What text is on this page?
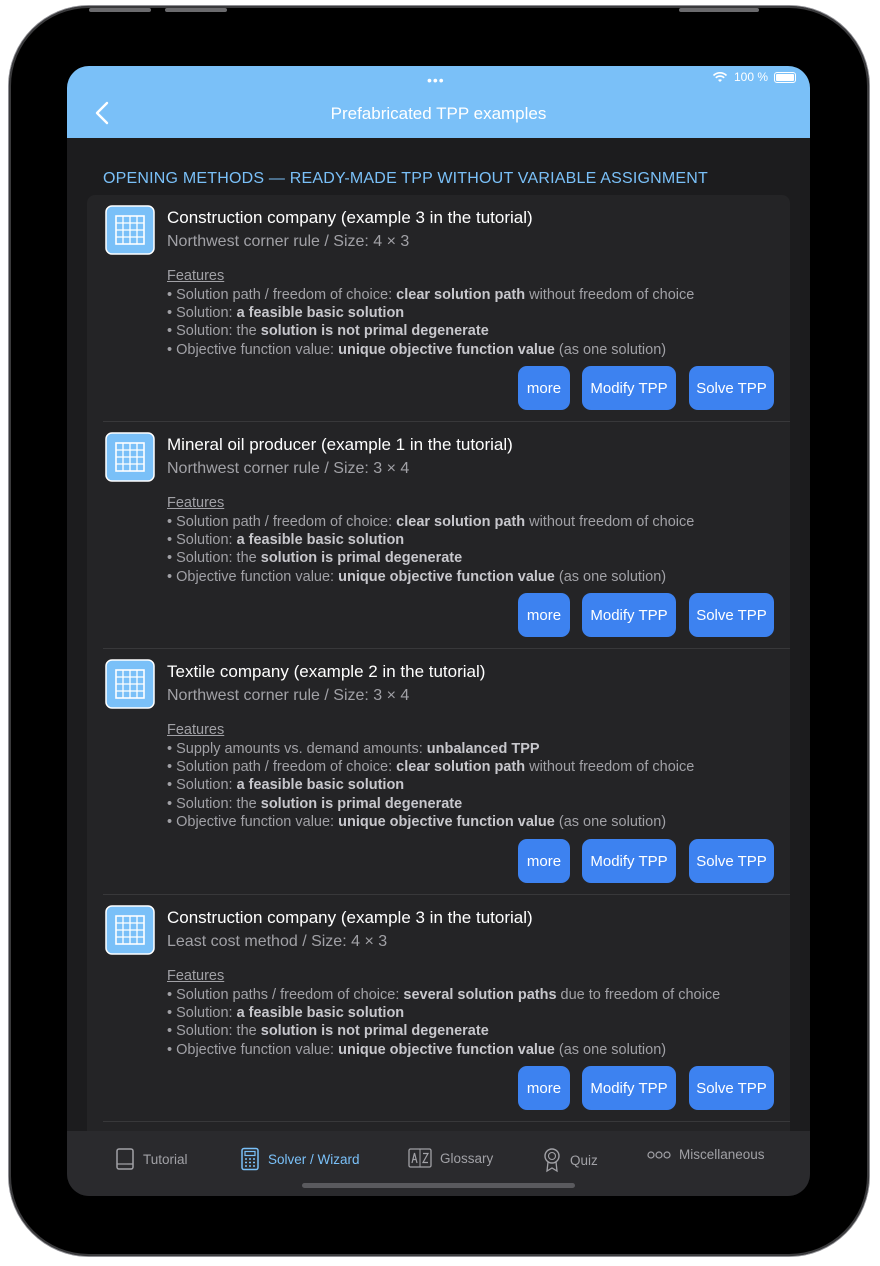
•••	100 %
Prefabricated TPP examples
OPENING METHODS — READY-MADE TPP WITHOUT VARIABLE ASSIGNMENT
Construction company (example 3 in the tutorial)
Northwest corner rule / Size: 4 × 3
Features
• Solution path / freedom of choice: clear solution path without freedom of choice
• Solution: a feasible basic solution
• Solution: the solution is not primal degenerate
• Objective function value: unique objective function value (as one solution)
more	Modify TPP	Solve TPP
Mineral oil producer (example 1 in the tutorial)
Northwest corner rule / Size: 3 × 4
Features
• Solution path / freedom of choice: clear solution path without freedom of choice
• Solution: a feasible basic solution
• Solution: the solution is primal degenerate
• Objective function value: unique objective function value (as one solution)
more	Modify TPP	Solve TPP
Textile company (example 2 in the tutorial)
Northwest corner rule / Size: 3 × 4
Features
• Supply amounts vs. demand amounts: unbalanced TPP
• Solution path / freedom of choice: clear solution path without freedom of choice
• Solution: a feasible basic solution
• Solution: the solution is primal degenerate
• Objective function value: unique objective function value (as one solution)
more	Modify TPP	Solve TPP
Construction company (example 3 in the tutorial)
Least cost method / Size: 4 × 3
Features
• Solution paths / freedom of choice: several solution paths due to freedom of choice
• Solution: a feasible basic solution
• Solution: the solution is not primal degenerate
• Objective function value: unique objective function value (as one solution)
more	Modify TPP	Solve TPP
Tutorial	Solver / Wizard	Glossary	Quiz	Miscellaneous
